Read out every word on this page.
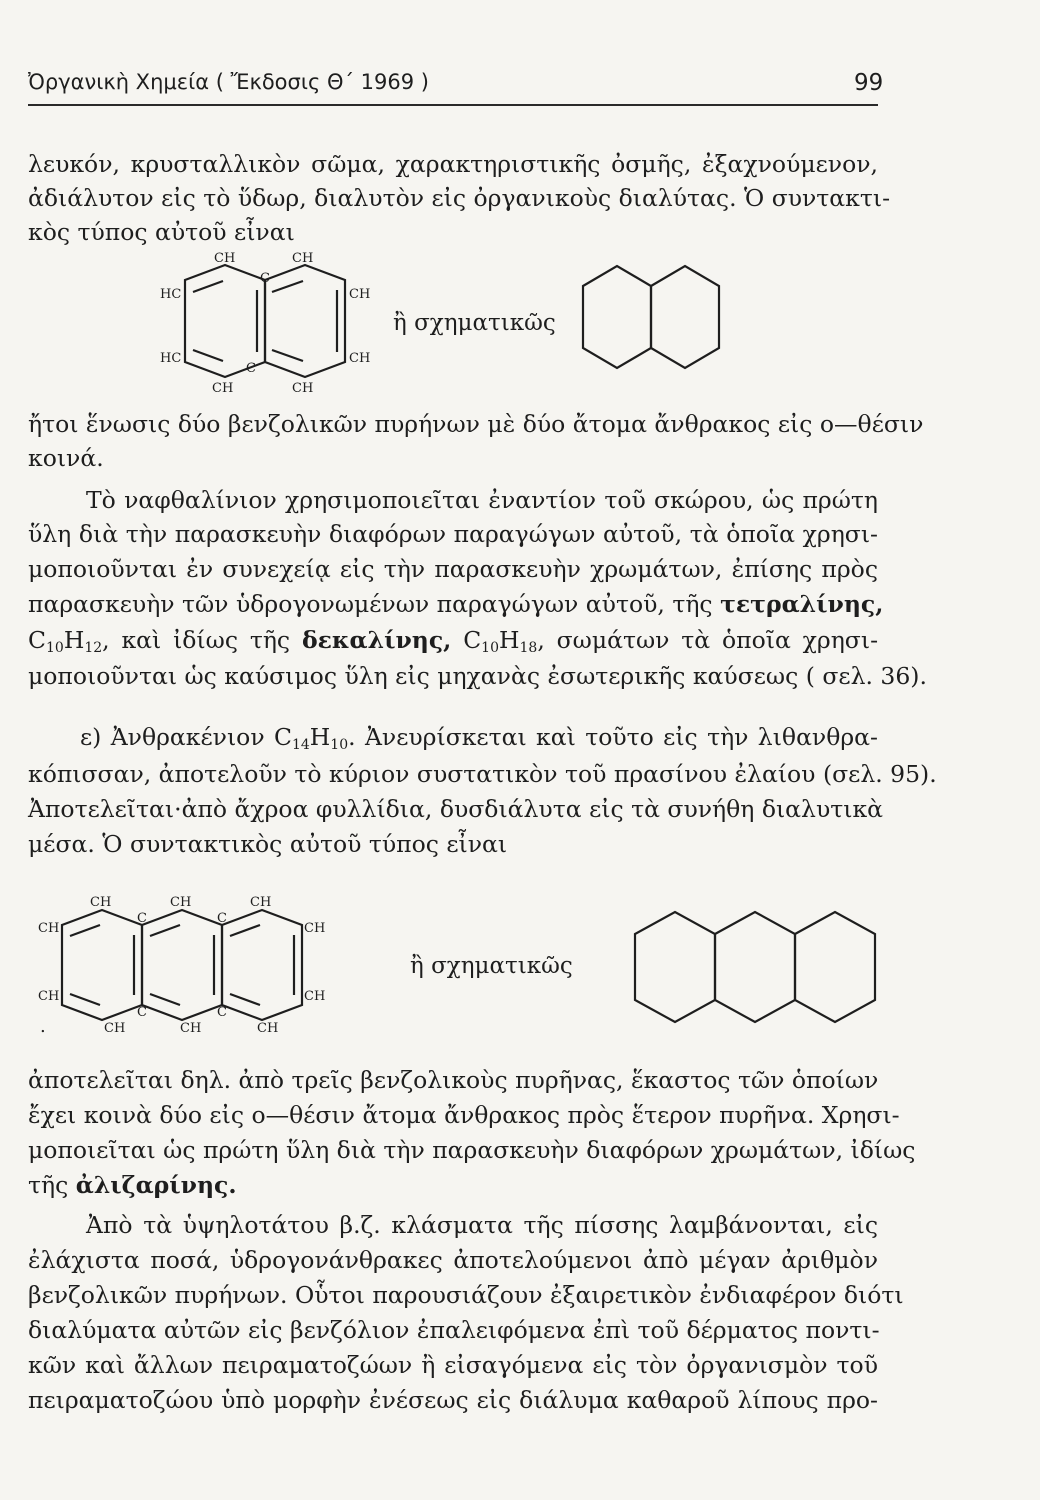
Ὀργανικὴ Χημεία ( Ἔκδοσις Θ΄ 1969 )	99
λευκόν, κρυσταλλικὸν σῶμα, χαρακτηριστικῆς ὀσμῆς, ἐξαχνούμενον,
ἀδιάλυτον εἰς τὸ ὕδωρ, διαλυτὸν εἰς ὀργανικοὺς διαλύτας. Ὁ συντακτι-
κὸς τύπος αὐτοῦ εἶναι
CH	CH
HC
C
CH
HC
C
CH
CH	CH
ἢ σχηματικῶς
ἤτοι ἕνωσις δύο βενζολικῶν πυρήνων μὲ δύο ἄτομα ἄνθρακος εἰς ο—θέσιν
κοινά.
Τὸ ναφθαλίνιον χρησιμοποιεῖται ἐναντίον τοῦ σκώρου, ὡς πρώτη
ὕλη διὰ τὴν παρασκευὴν διαφόρων παραγώγων αὐτοῦ, τὰ ὁποῖα χρησι-
μοποιοῦνται ἐν συνεχείᾳ εἰς τὴν παρασκευὴν χρωμάτων, ἐπίσης πρὸς
παρασκευὴν τῶν ὑδρογονωμένων παραγώγων αὐτοῦ, τῆς τετραλίνης,
$C_{10}H_{12}$, καὶ ἰδίως τῆς δεκαλίνης, $C_{10}H_{18}$, σωμάτων τὰ ὁποῖα χρησι-
μοποιοῦνται ὡς καύσιμος ὕλη εἰς μηχανὰς ἐσωτερικῆς καύσεως ( σελ. 36).
ε) Ἀνθρακένιον $C_{14}H_{10}$. Ἀνευρίσκεται καὶ τοῦτο εἰς τὴν λιθανθρα-
κόπισσαν, ἀποτελοῦν τὸ κύριον συστατικὸν τοῦ πρασίνου ἐλαίου (σελ. 95).
Ἀποτελεῖται·ἀπὸ ἄχροα φυλλίδια, δυσδιάλυτα εἰς τὰ συνήθη διαλυτικὰ
μέσα. Ὁ συντακτικὸς αὐτοῦ τύπος εἶναι
CH	CH	CH
C	C
CH	CH
CH	CH
C	C
.	CH	CH	CH
ἢ σχηματικῶς
ἀποτελεῖται δηλ. ἀπὸ τρεῖς βενζολικοὺς πυρῆνας, ἕκαστος τῶν ὁποίων
ἔχει κοινὰ δύο εἰς ο—θέσιν ἄτομα ἄνθρακος πρὸς ἕτερον πυρῆνα. Χρησι-
μοποιεῖται ὡς πρώτη ὕλη διὰ τὴν παρασκευὴν διαφόρων χρωμάτων, ἰδίως
τῆς ἀλιζαρίνης.
Ἀπὸ τὰ ὑψηλοτάτου β.ζ. κλάσματα τῆς πίσσης λαμβάνονται, εἰς
ἐλάχιστα ποσά, ὑδρογονάνθρακες ἀποτελούμενοι ἀπὸ μέγαν ἀριθμὸν
βενζολικῶν πυρήνων. Οὗτοι παρουσιάζουν ἐξαιρετικὸν ἐνδιαφέρον διότι
διαλύματα αὐτῶν εἰς βενζόλιον ἐπαλειφόμενα ἐπὶ τοῦ δέρματος ποντι-
κῶν καὶ ἄλλων πειραματοζώων ἢ εἰσαγόμενα εἰς τὸν ὀργανισμὸν τοῦ
πειραματοζώου ὑπὸ μορφὴν ἐνέσεως εἰς διάλυμα καθαροῦ λίπους προ-
